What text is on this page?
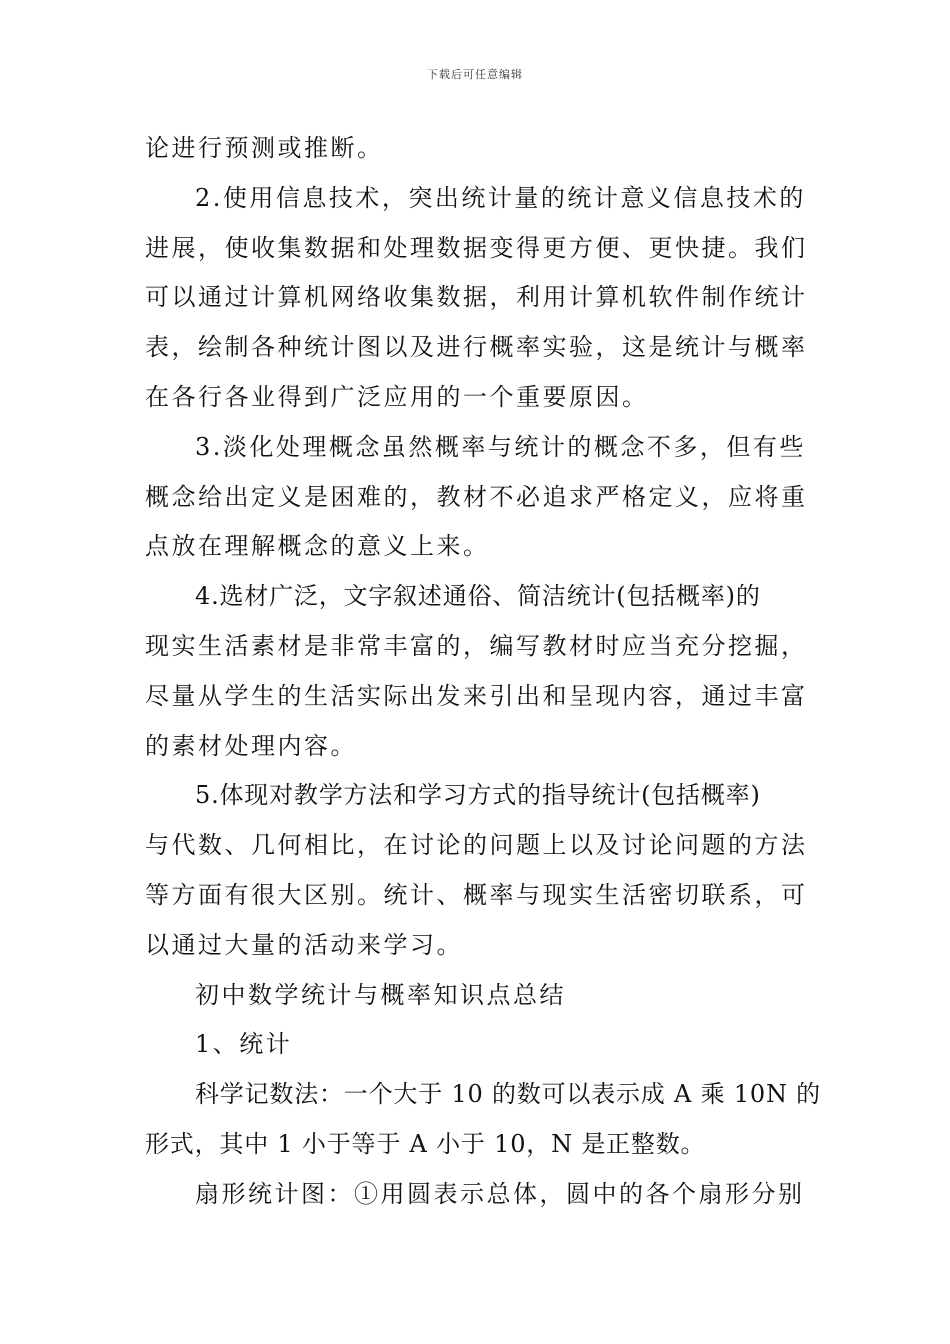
下载后可任意编辑
论进行预测或推断。
2.使用信息技术，突出统计量的统计意义信息技术的
进展，使收集数据和处理数据变得更方便、更快捷。我们
可以通过计算机网络收集数据，利用计算机软件制作统计
表，绘制各种统计图以及进行概率实验，这是统计与概率
在各行各业得到广泛应用的一个重要原因。
3.淡化处理概念虽然概率与统计的概念不多，但有些
概念给出定义是困难的，教材不必追求严格定义，应将重
点放在理解概念的意义上来。
4.选材广泛，文字叙述通俗、简洁统计(包括概率)的
现实生活素材是非常丰富的，编写教材时应当充分挖掘，
尽量从学生的生活实际出发来引出和呈现内容，通过丰富
的素材处理内容。
5.体现对教学方法和学习方式的指导统计(包括概率)
与代数、几何相比，在讨论的问题上以及讨论问题的方法
等方面有很大区别。统计、概率与现实生活密切联系，可
以通过大量的活动来学习。
初中数学统计与概率知识点总结
1、统计
科学记数法：一个大于 10 的数可以表示成 A 乘 10N 的
形式，其中 1 小于等于 A 小于 10，N 是正整数。
扇形统计图：①用圆表示总体，圆中的各个扇形分别
